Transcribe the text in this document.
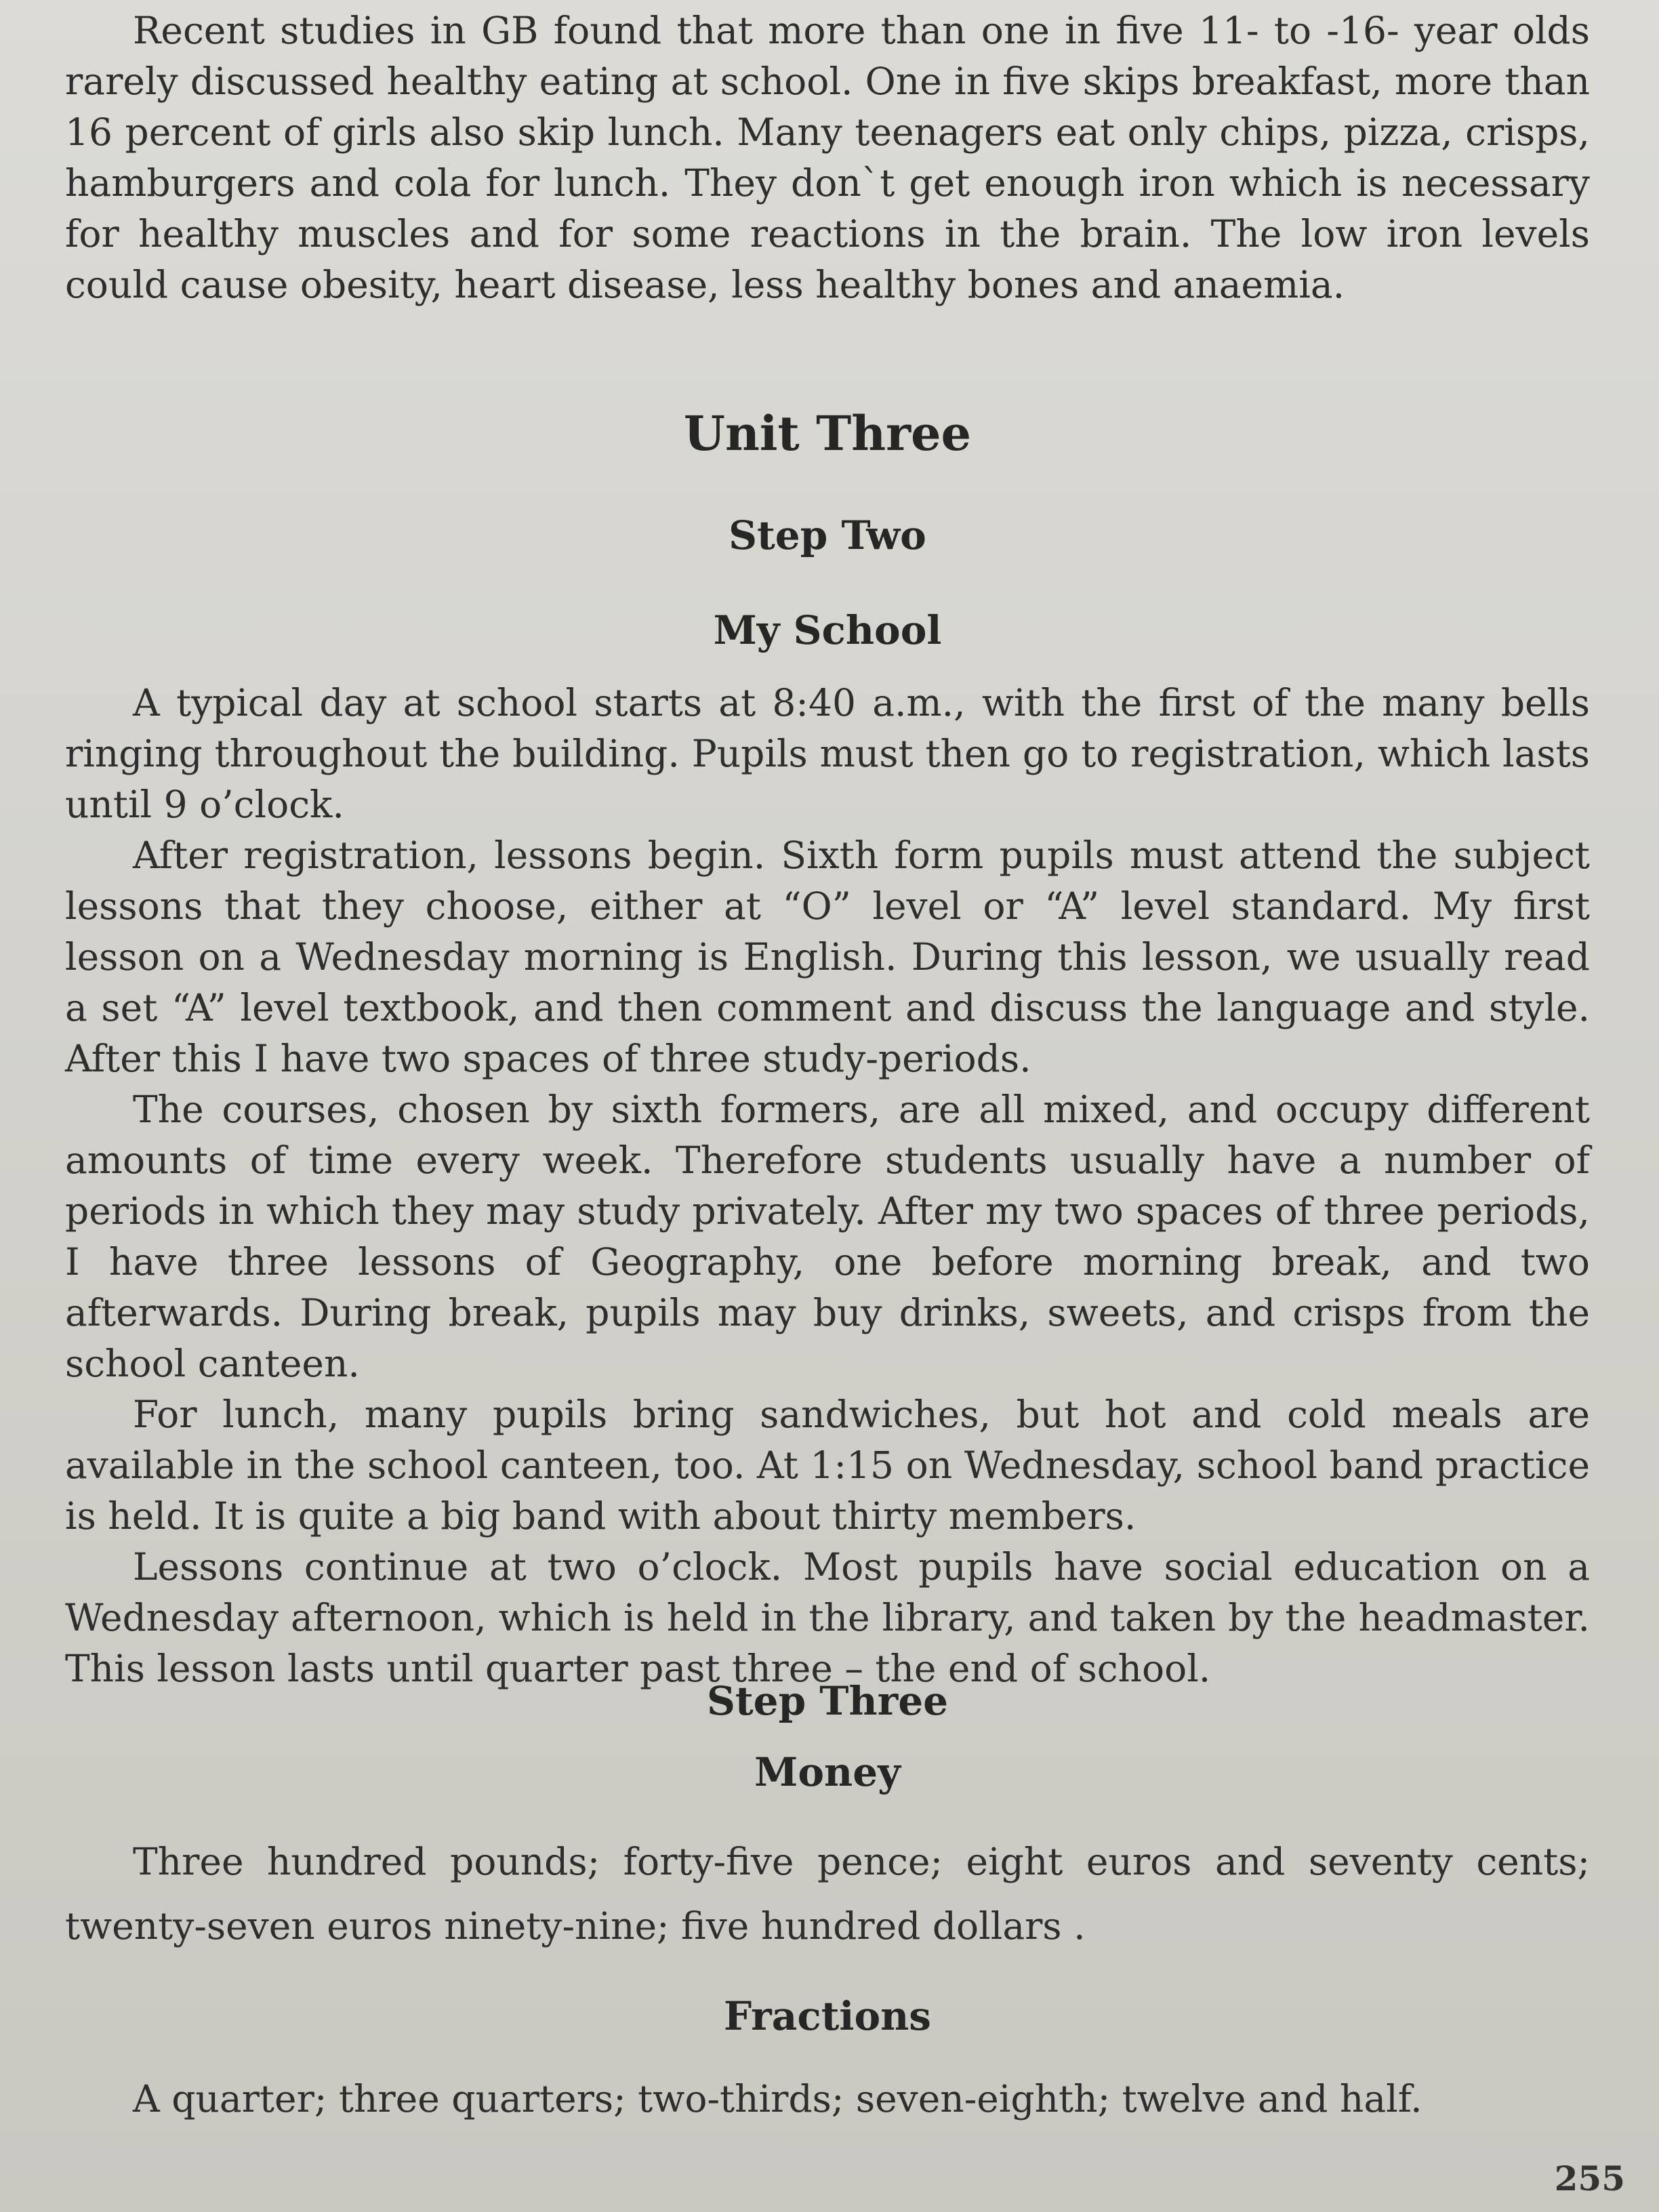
Recent studies in GB found that more than one in five 11- to -16- year olds rarely discussed healthy eating at school. One in five skips breakfast, more than 16 percent of girls also skip lunch. Many teenagers eat only chips, pizza, crisps, hamburgers and cola for lunch. They don`t get enough iron which is necessary for healthy muscles and for some reactions in the brain. The low iron levels could cause obesity, heart disease, less healthy bones and anaemia.

Unit Three
Step Two
My School

A typical day at school starts at 8:40 a.m., with the first of the many bells ringing throughout the building. Pupils must then go to registration, which lasts until 9 o’clock.

After registration, lessons begin. Sixth form pupils must attend the subject lessons that they choose, either at “O” level or “A” level standard. My first lesson on a Wednesday morning is English. During this lesson, we usually read a set “A” level textbook, and then comment and discuss the language and style. After this I have two spaces of three study-periods.

The courses, chosen by sixth formers, are all mixed, and occupy different amounts of time every week. Therefore students usually have a number of periods in which they may study privately. After my two spaces of three periods, I have three lessons of Geography, one before morning break, and two afterwards. During break, pupils may buy drinks, sweets, and crisps from the school canteen.

For lunch, many pupils bring sandwiches, but hot and cold meals are available in the school canteen, too. At 1:15 on Wednesday, school band practice is held. It is quite a big band with about thirty members.

Lessons continue at two o’clock. Most pupils have social education on a Wednesday afternoon, which is held in the library, and taken by the headmaster. This lesson lasts until quarter past three – the end of school.

Step Three
Money

Three hundred pounds; forty-five pence; eight euros and seventy cents; twenty-seven euros ninety-nine; five hundred dollars .

Fractions

A quarter; three quarters; two-thirds; seven-eighth; twelve and half.

255
